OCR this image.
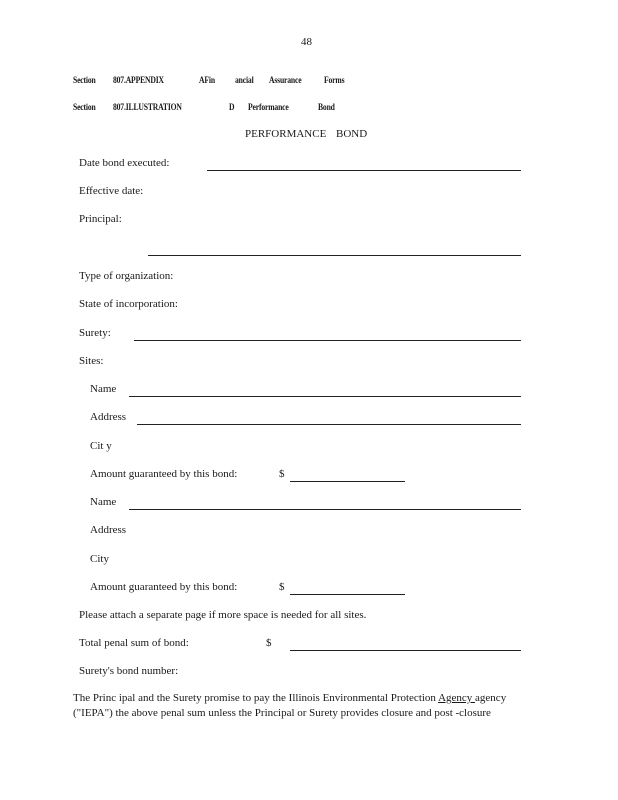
48
Section 807.APPENDIX	AFin ancial Assurance	Forms
Section 807.ILLUSTRATION	D Performance	Bond
PERFORMANCE BOND
Date bond executed:
Effective date:
Principal:
Type of organization:
State of incorporation:
Surety:
Sites:
Name
Address
Cit y
Amount guaranteed by this bond:	$
Name
Address
City
Amount guaranteed by this bond:	$
Please attach a separate page if more space is needed for all sites.
Total penal sum of bond:	$
Surety's bond number:
The Princ ipal and the Surety promise to pay the Illinois Environmental Protection Agency agency
("IEPA") the above penal sum unless the Principal or Surety provides closure and post -closure
